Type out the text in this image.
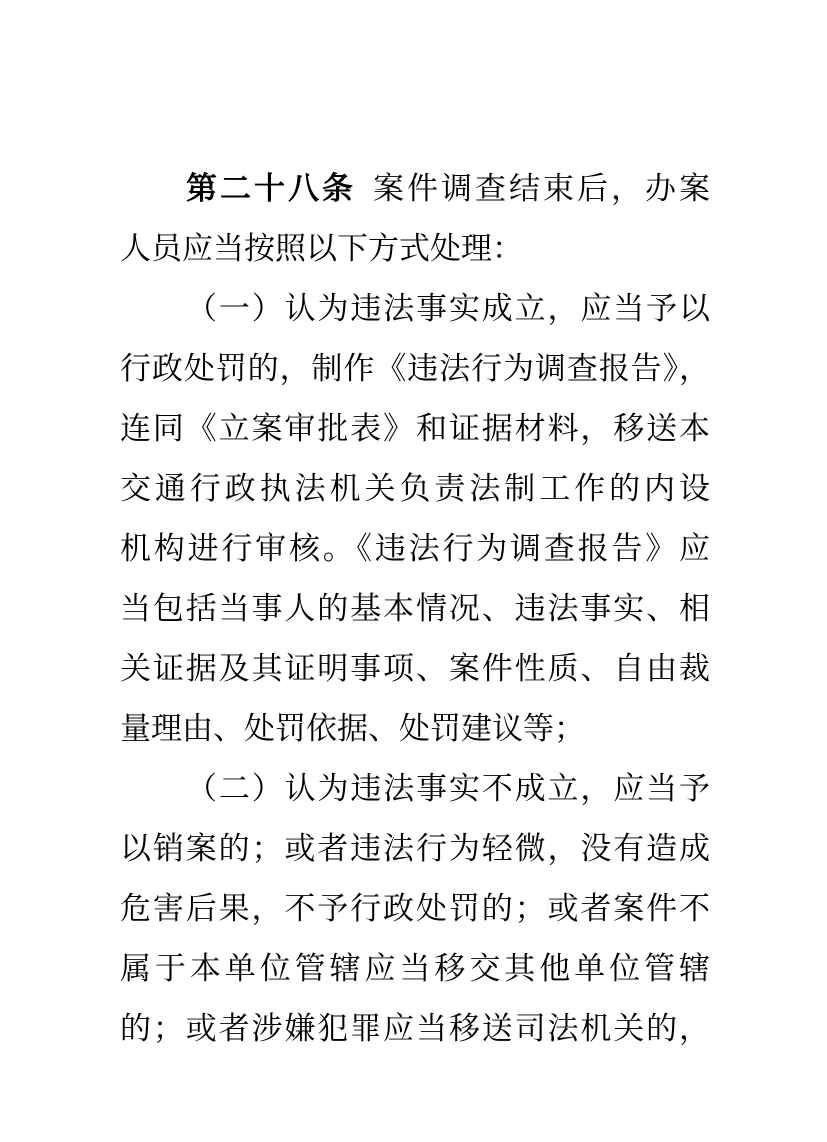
第二十八条 案件调查结束后，办案
人员应当按照以下方式处理：
（一）认为违法事实成立，应当予以
行政处罚的，制作《违法行为调查报告》，
连同《立案审批表》和证据材料，移送本
交通行政执法机关负责法制工作的内设
机构进行审核。《违法行为调查报告》应
当包括当事人的基本情况、违法事实、相
关证据及其证明事项、案件性质、自由裁
量理由、处罚依据、处罚建议等；
（二）认为违法事实不成立，应当予
以销案的；或者违法行为轻微，没有造成
危害后果，不予行政处罚的；或者案件不
属于本单位管辖应当移交其他单位管辖
的；或者涉嫌犯罪应当移送司法机关的，
